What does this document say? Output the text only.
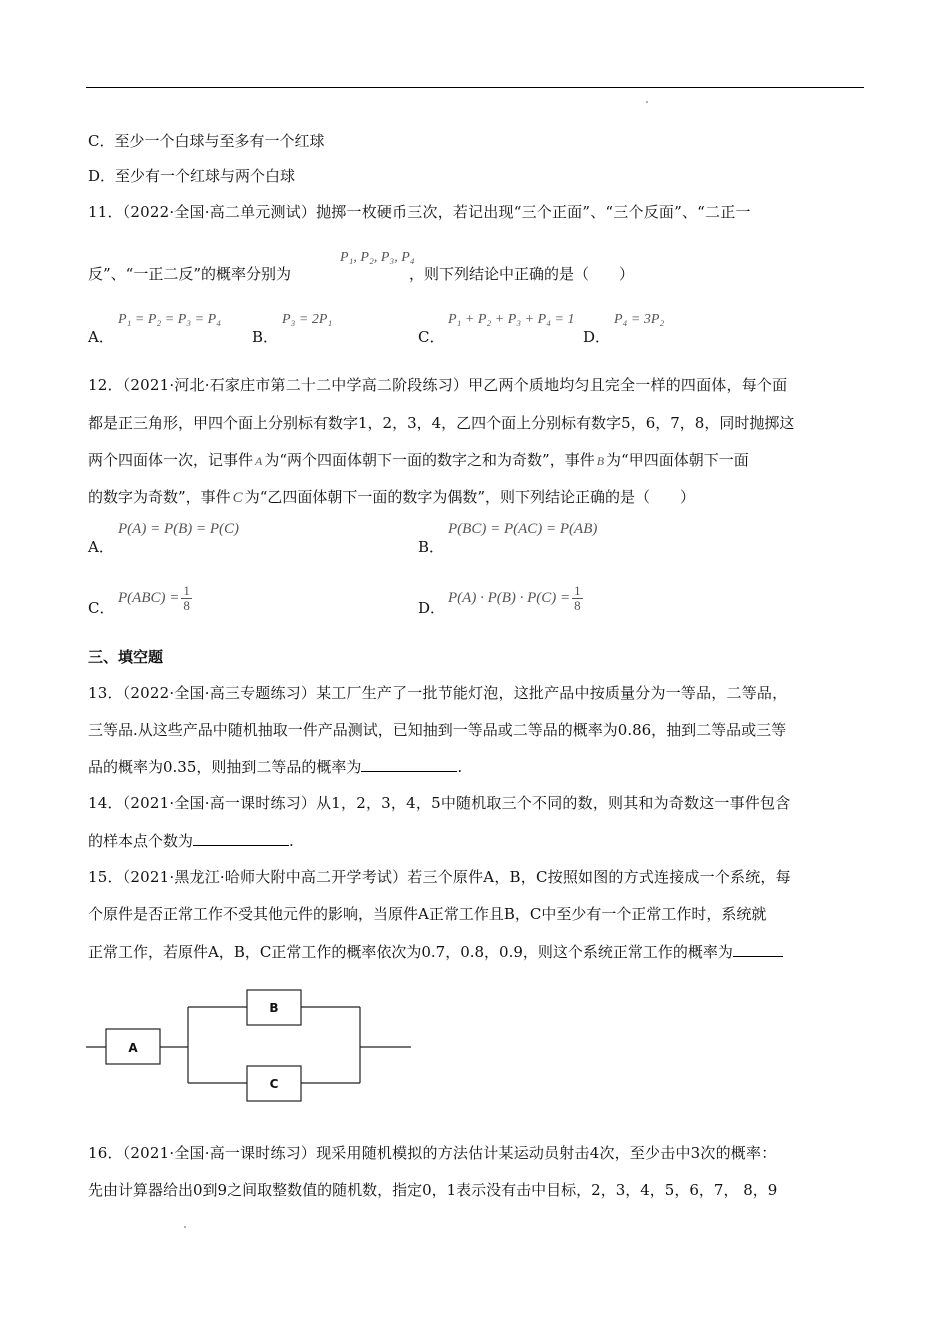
C．至少一个白球与至多有一个红球
D．至少有一个红球与两个白球
11．（2022·全国·高二单元测试）抛掷一枚硬币三次，若记出现“三个正面”、“三个反面”、“二正一
反”、“一正二反”的概率分别为	，则下列结论中正确的是（　　）
P₁, P₂, P₃, P₄
A．
P₁ = P₂ = P₃ = P₄
B．
P₃ = 2P₁
C．
P₁ + P₂ + P₃ + P₄ = 1
D．
P₄ = 3P₂
12．（2021·河北·石家庄市第二十二中学高二阶段练习）甲乙两个质地均匀且完全一样的四面体，每个面
都是正三角形，甲四个面上分别标有数字1，2，3，4，乙四个面上分别标有数字5，6，7，8，同时抛掷这
两个四面体一次，记事件 A 为“两个四面体朝下一面的数字之和为奇数”，事件 B 为“甲四面体朝下一面
的数字为奇数”，事件 C 为“乙四面体朝下一面的数字为偶数”，则下列结论正确的是（　　）
A．
P(A) = P(B) = P(C)
B．
P(BC) = P(AC) = P(AB)
C．
$P(ABC) = \frac{1}{8}$	D．
$P(A) \cdot P(B) \cdot P(C) = \frac{1}{8}$
三、填空题
13．（2022·全国·高三专题练习）某工厂生产了一批节能灯泡，这批产品中按质量分为一等品，二等品，
三等品.从这些产品中随机抽取一件产品测试，已知抽到一等品或二等品的概率为0.86，抽到二等品或三等
品的概率为0.35，则抽到二等品的概率为	.
14．（2021·全国·高一课时练习）从1，2，3，4，5中随机取三个不同的数，则其和为奇数这一事件包含
的样本点个数为	.
15．（2021·黑龙江·哈师大附中高二开学考试）若三个原件A，B，C按照如图的方式连接成一个系统，每
个原件是否正常工作不受其他元件的影响，当原件A正常工作且B，C中至少有一个正常工作时，系统就
正常工作，若原件A，B，C正常工作的概率依次为0.7，0.8，0.9，则这个系统正常工作的概率为
A
B
C
16．（2021·全国·高一课时练习）现采用随机模拟的方法估计某运动员射击4次，至少击中3次的概率：
先由计算器给出0到9之间取整数值的随机数，指定0，1表示没有击中目标，2，3，4，5，6，7， 8，9
